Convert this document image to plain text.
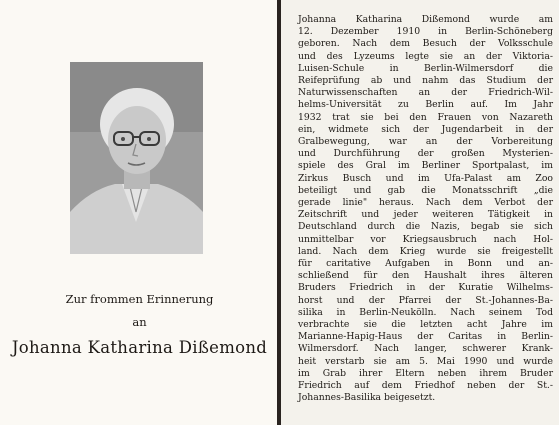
Zur frommen Erinnerung
an
Johanna Katharina Dißemond
Johanna Katharina Dißemond wurde am
12. Dezember 1910 in Berlin-Schöneberg
geboren. Nach dem Besuch der Volksschule
und des Lyzeums legte sie an der Viktoria-
Luisen-Schule in Berlin-Wilmersdorf die
Reifeprüfung ab und nahm das Studium der
Naturwissenschaften an der Friedrich-Wil-
helms-Universität zu Berlin auf. Im Jahr
1932 trat sie bei den Frauen von Nazareth
ein, widmete sich der Jugendarbeit in der
Gralbewegung, war an der Vorbereitung
und Durchführung der großen Mysterien-
spiele des Gral im Berliner Sportpalast, im
Zirkus Busch und im Ufa-Palast am Zoo
beteiligt und gab die Monatsschrift „die
gerade linie" heraus. Nach dem Verbot der
Zeitschrift und jeder weiteren Tätigkeit in
Deutschland durch die Nazis, begab sie sich
unmittelbar vor Kriegsausbruch nach Hol-
land. Nach dem Krieg wurde sie freigestellt
für caritative Aufgaben in Bonn und an-
schließend für den Haushalt ihres älteren
Bruders Friedrich in der Kuratie Wilhelms-
horst und der Pfarrei der St.-Johannes-Ba-
silika in Berlin-Neukölln. Nach seinem Tod
verbrachte sie die letzten acht Jahre im
Marianne-Hapig-Haus der Caritas in Berlin-
Wilmersdorf. Nach langer, schwerer Krank-
heit verstarb sie am 5. Mai 1990 und wurde
im Grab ihrer Eltern neben ihrem Bruder
Friedrich auf dem Friedhof neben der St.-
Johannes-Basilika beigesetzt.
